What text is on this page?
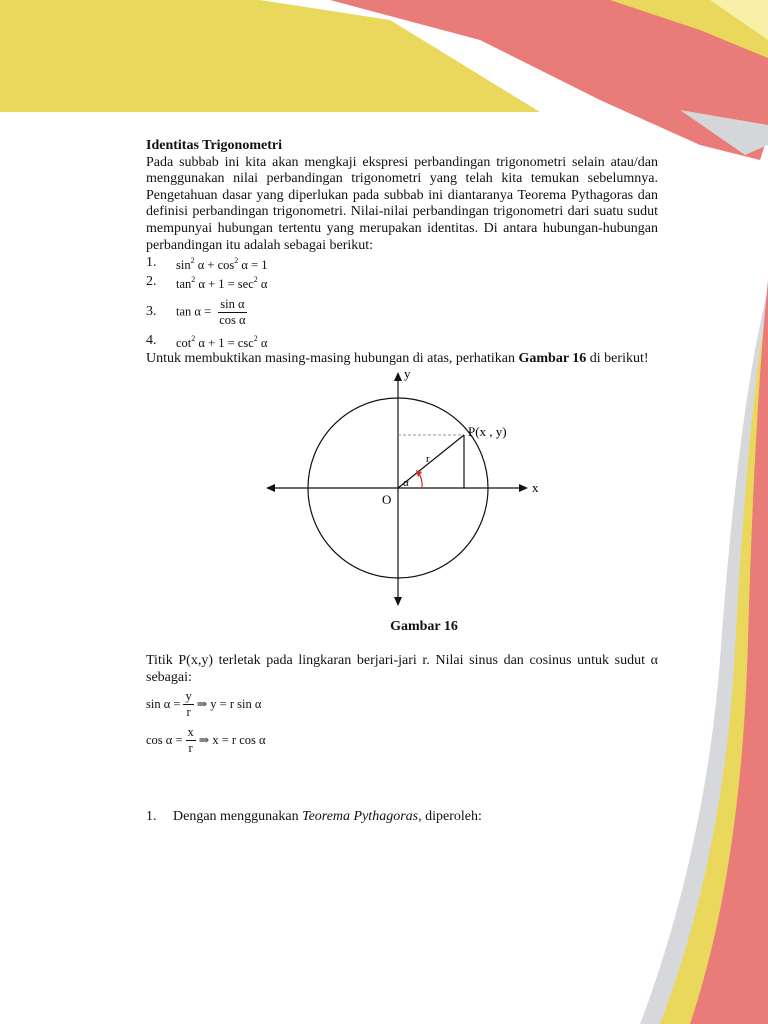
Identitas Trigonometri
Pada subbab ini kita akan mengkaji ekspresi perbandingan trigonometri selain atau/dan menggunakan nilai perbandingan trigonometri yang telah kita temukan sebelumnya. Pengetahuan dasar yang diperlukan pada subbab ini diantaranya Teorema Pythagoras dan definisi perbandingan trigonometri. Nilai-nilai perbandingan trigonometri dari suatu sudut mempunyai hubungan tertentu yang merupakan identitas. Di antara hubungan-hubungan perbandingan itu adalah sebagai berikut:
1.	$\sin^2 \alpha + \cos^2 \alpha = 1$
2.	$\tan^2 \alpha + 1 = \sec^2 \alpha$
3.	$\tan \alpha = \frac{\text{sin α}}{\text{cos α}}$
4.	$\cot^2 \alpha + 1 = \csc^2 \alpha$
Untuk membuktikan masing-masing hubungan di atas, perhatikan Gambar 16 di berikut!
y
x
O
P(x , y)
r
α
Gambar 16
Titik P(x,y) terletak pada lingkaran berjari-jari r. Nilai sinus dan cosinus untuk sudut α sebagai:
$\sin \alpha = \frac{y}{r}$ ⇒ y = r sin α
$\cos \alpha = \frac{x}{r}$ ⇒ x = r cos α
1.	Dengan menggunakan Teorema Pythagoras, diperoleh:
